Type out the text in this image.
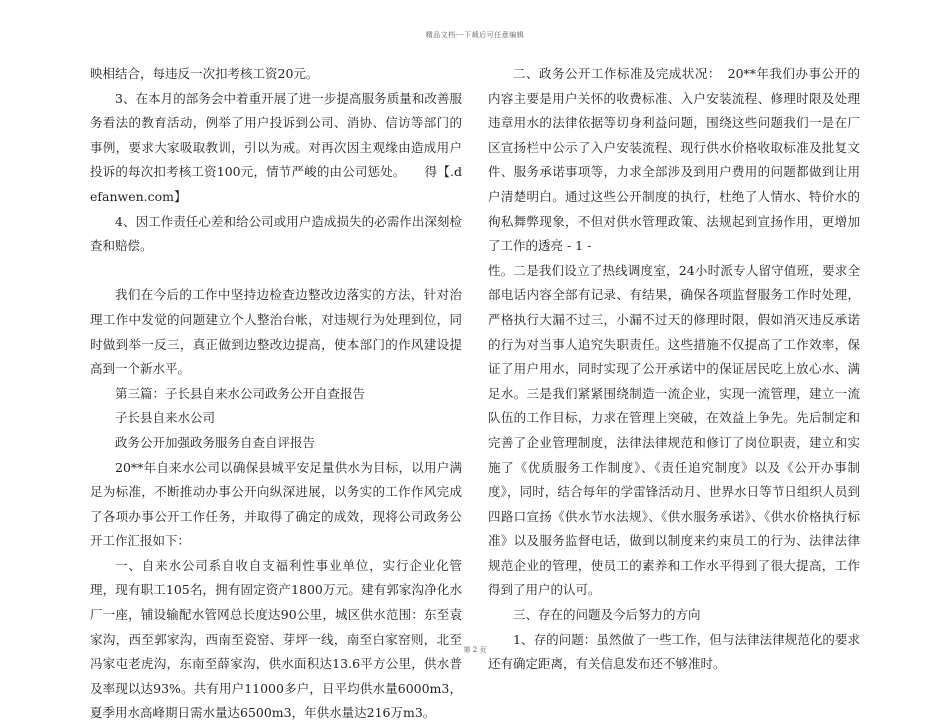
精品文档---下载后可任意编辑

映相结合，每违反一次扣考核工资20元。

3、在本月的部务会中着重开展了进一步提高服务质量和改善服务看法的教育活动，例举了用户投诉到公司、消协、信访等部门的事例，要求大家吸取教训，引以为戒。对再次因主观缘由造成用户投诉的每次扣考核工资100元，情节严峻的由公司惩处。　　得【.defanwen.com】

4、因工作责任心差和给公司或用户造成损失的必需作出深刻检查和赔偿。

我们在今后的工作中坚持边检查边整改边落实的方法，针对治理工作中发觉的问题建立个人整治台帐，对违规行为处理到位，同时做到举一反三，真正做到边整改边提高，使本部门的作风建设提高到一个新水平。

第三篇：子长县自来水公司政务公开自查报告

子长县自来水公司

政务公开加强政务服务自查自评报告

20**年自来水公司以确保县城平安足量供水为目标，以用户满足为标准，不断推动办事公开向纵深进展，以务实的工作作风完成了各项办事公开工作任务，并取得了确定的成效，现将公司政务公开工作汇报如下：

一、自来水公司系自收自支福利性事业单位，实行企业化管理，现有职工105名，拥有固定资产1800万元。建有郭家沟净化水厂一座，铺设输配水管网总长度达90公里，城区供水范围：东至袁家沟，西至郭家沟，西南至瓷窑、芽坪一线，南至白家窑则，北至冯家屯老虎沟，东南至薛家沟，供水面积达13.6平方公里，供水普及率现以达93%。共有用户11000多户，日平均供水量6000m3，夏季用水高峰期日需水量达6500m3，年供水量达216万m3。

二、政务公开工作标准及完成状况：　20**年我们办事公开的内容主要是用户关怀的收费标准、入户安装流程、修理时限及处理违章用水的法律依据等切身利益问题，围绕这些问题我们一是在厂区宣扬栏中公示了入户安装流程、现行供水价格收取标准及批复文件、服务承诺事项等，力求全部涉及到用户费用的问题都做到让用户清楚明白。通过这些公开制度的执行，杜绝了人情水、特价水的徇私舞弊现象，不但对供水管理政策、法规起到宣扬作用，更增加了工作的透亮 - 1 -

性。二是我们设立了热线调度室，24小时派专人留守值班，要求全部电话内容全部有记录、有结果，确保各项监督服务工作时处理，严格执行大漏不过三，小漏不过天的修理时限，假如消灭违反承诺的行为对当事人追究失职责任。这些措施不仅提高了工作效率，保证了用户用水，同时实现了公开承诺中的保证居民吃上放心水、满足水。三是我们紧紧围绕制造一流企业，实现一流管理，建立一流队伍的工作目标，力求在管理上突破，在效益上争先。先后制定和完善了企业管理制度，法律法律规范和修订了岗位职责，建立和实施了《优质服务工作制度》、《责任追究制度》以及《公开办事制度》，同时，结合每年的学雷锋活动月、世界水日等节日组织人员到四路口宣扬《供水节水法规》、《供水服务承诺》、《供水价格执行标准》以及服务监督电话，做到以制度来约束员工的行为、法律法律规范企业的管理，使员工的素养和工作水平得到了很大提高，工作得到了用户的认可。

三、存在的问题及今后努力的方向

1、存的问题：虽然做了一些工作，但与法律法律规范化的要求还有确定距离，有关信息发布还不够准时。

第 2 页
